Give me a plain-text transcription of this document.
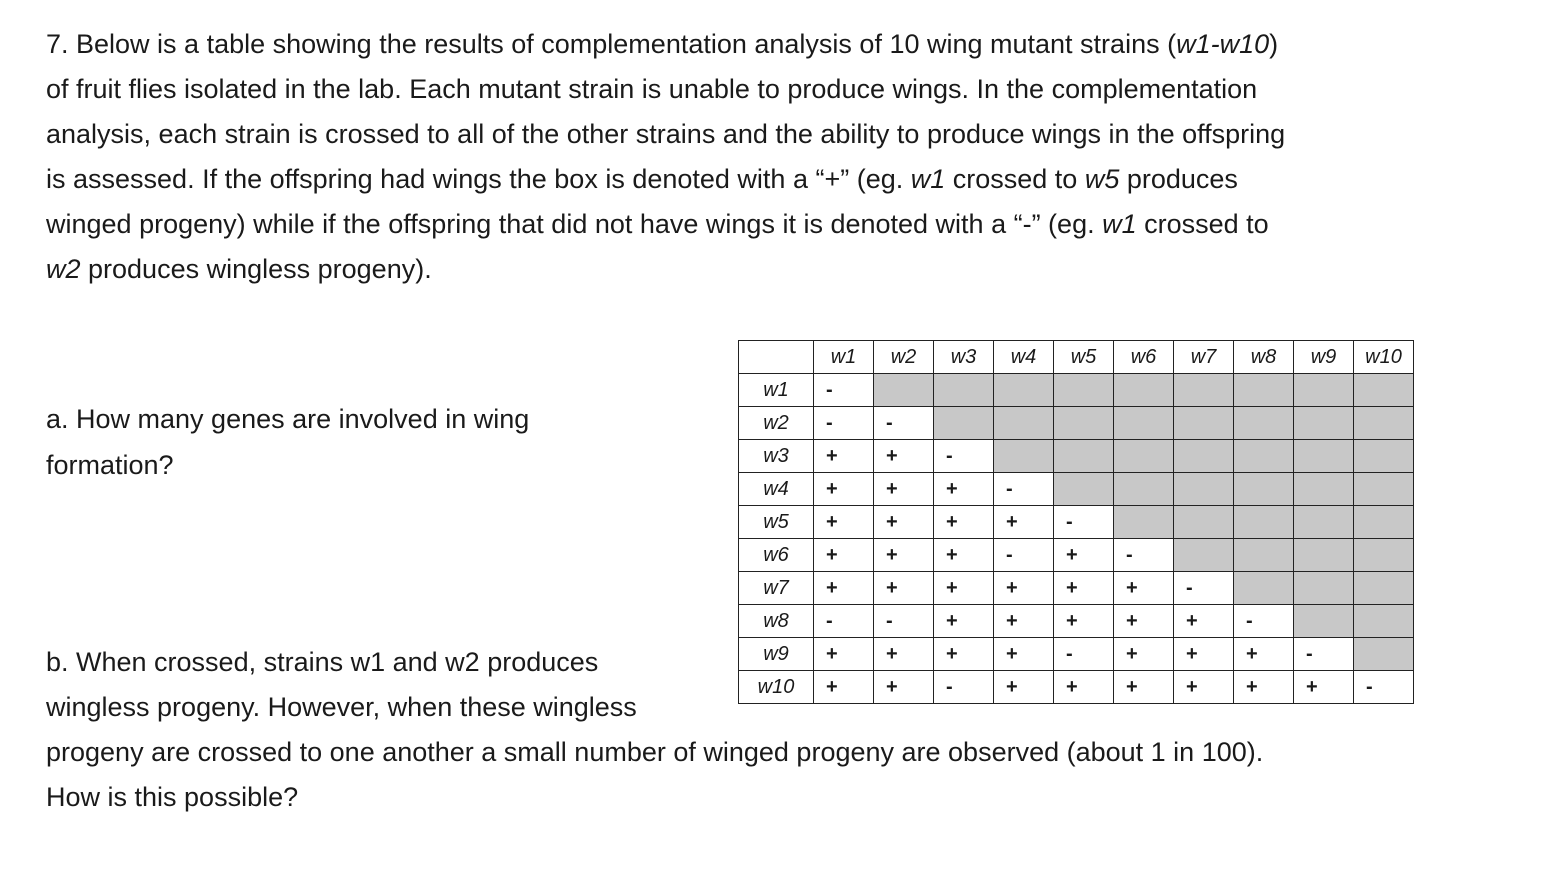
7. Below is a table showing the results of complementation analysis of 10 wing mutant strains (w1-w10)

of fruit flies isolated in the lab. Each mutant strain is unable to produce wings. In the complementation

analysis, each strain is crossed to all of the other strains and the ability to produce wings in the offspring

is assessed. If the offspring had wings the box is denoted with a “+” (eg. w1 crossed to w5 produces

winged progeny) while if the offspring that did not have wings it is denoted with a “-” (eg. w1 crossed to

w2 produces wingless progeny).

a. How many genes are involved in wing

formation?

b. When crossed, strains w1 and w2 produces

wingless progeny. However, when these wingless

progeny are crossed to one another a small number of winged progeny are observed (about 1 in 100).

How is this possible?

	w1	w2	w3	w4	w5	w6	w7	w8	w9	w10
w1	-									
w2	-	-								
w3	+	+	-							
w4	+	+	+	-						
w5	+	+	+	+	-					
w6	+	+	+	-	+	-				
w7	+	+	+	+	+	+	-			
w8	-	-	+	+	+	+	+	-		
w9	+	+	+	+	-	+	+	+	-	
w10	+	+	-	+	+	+	+	+	+	-
